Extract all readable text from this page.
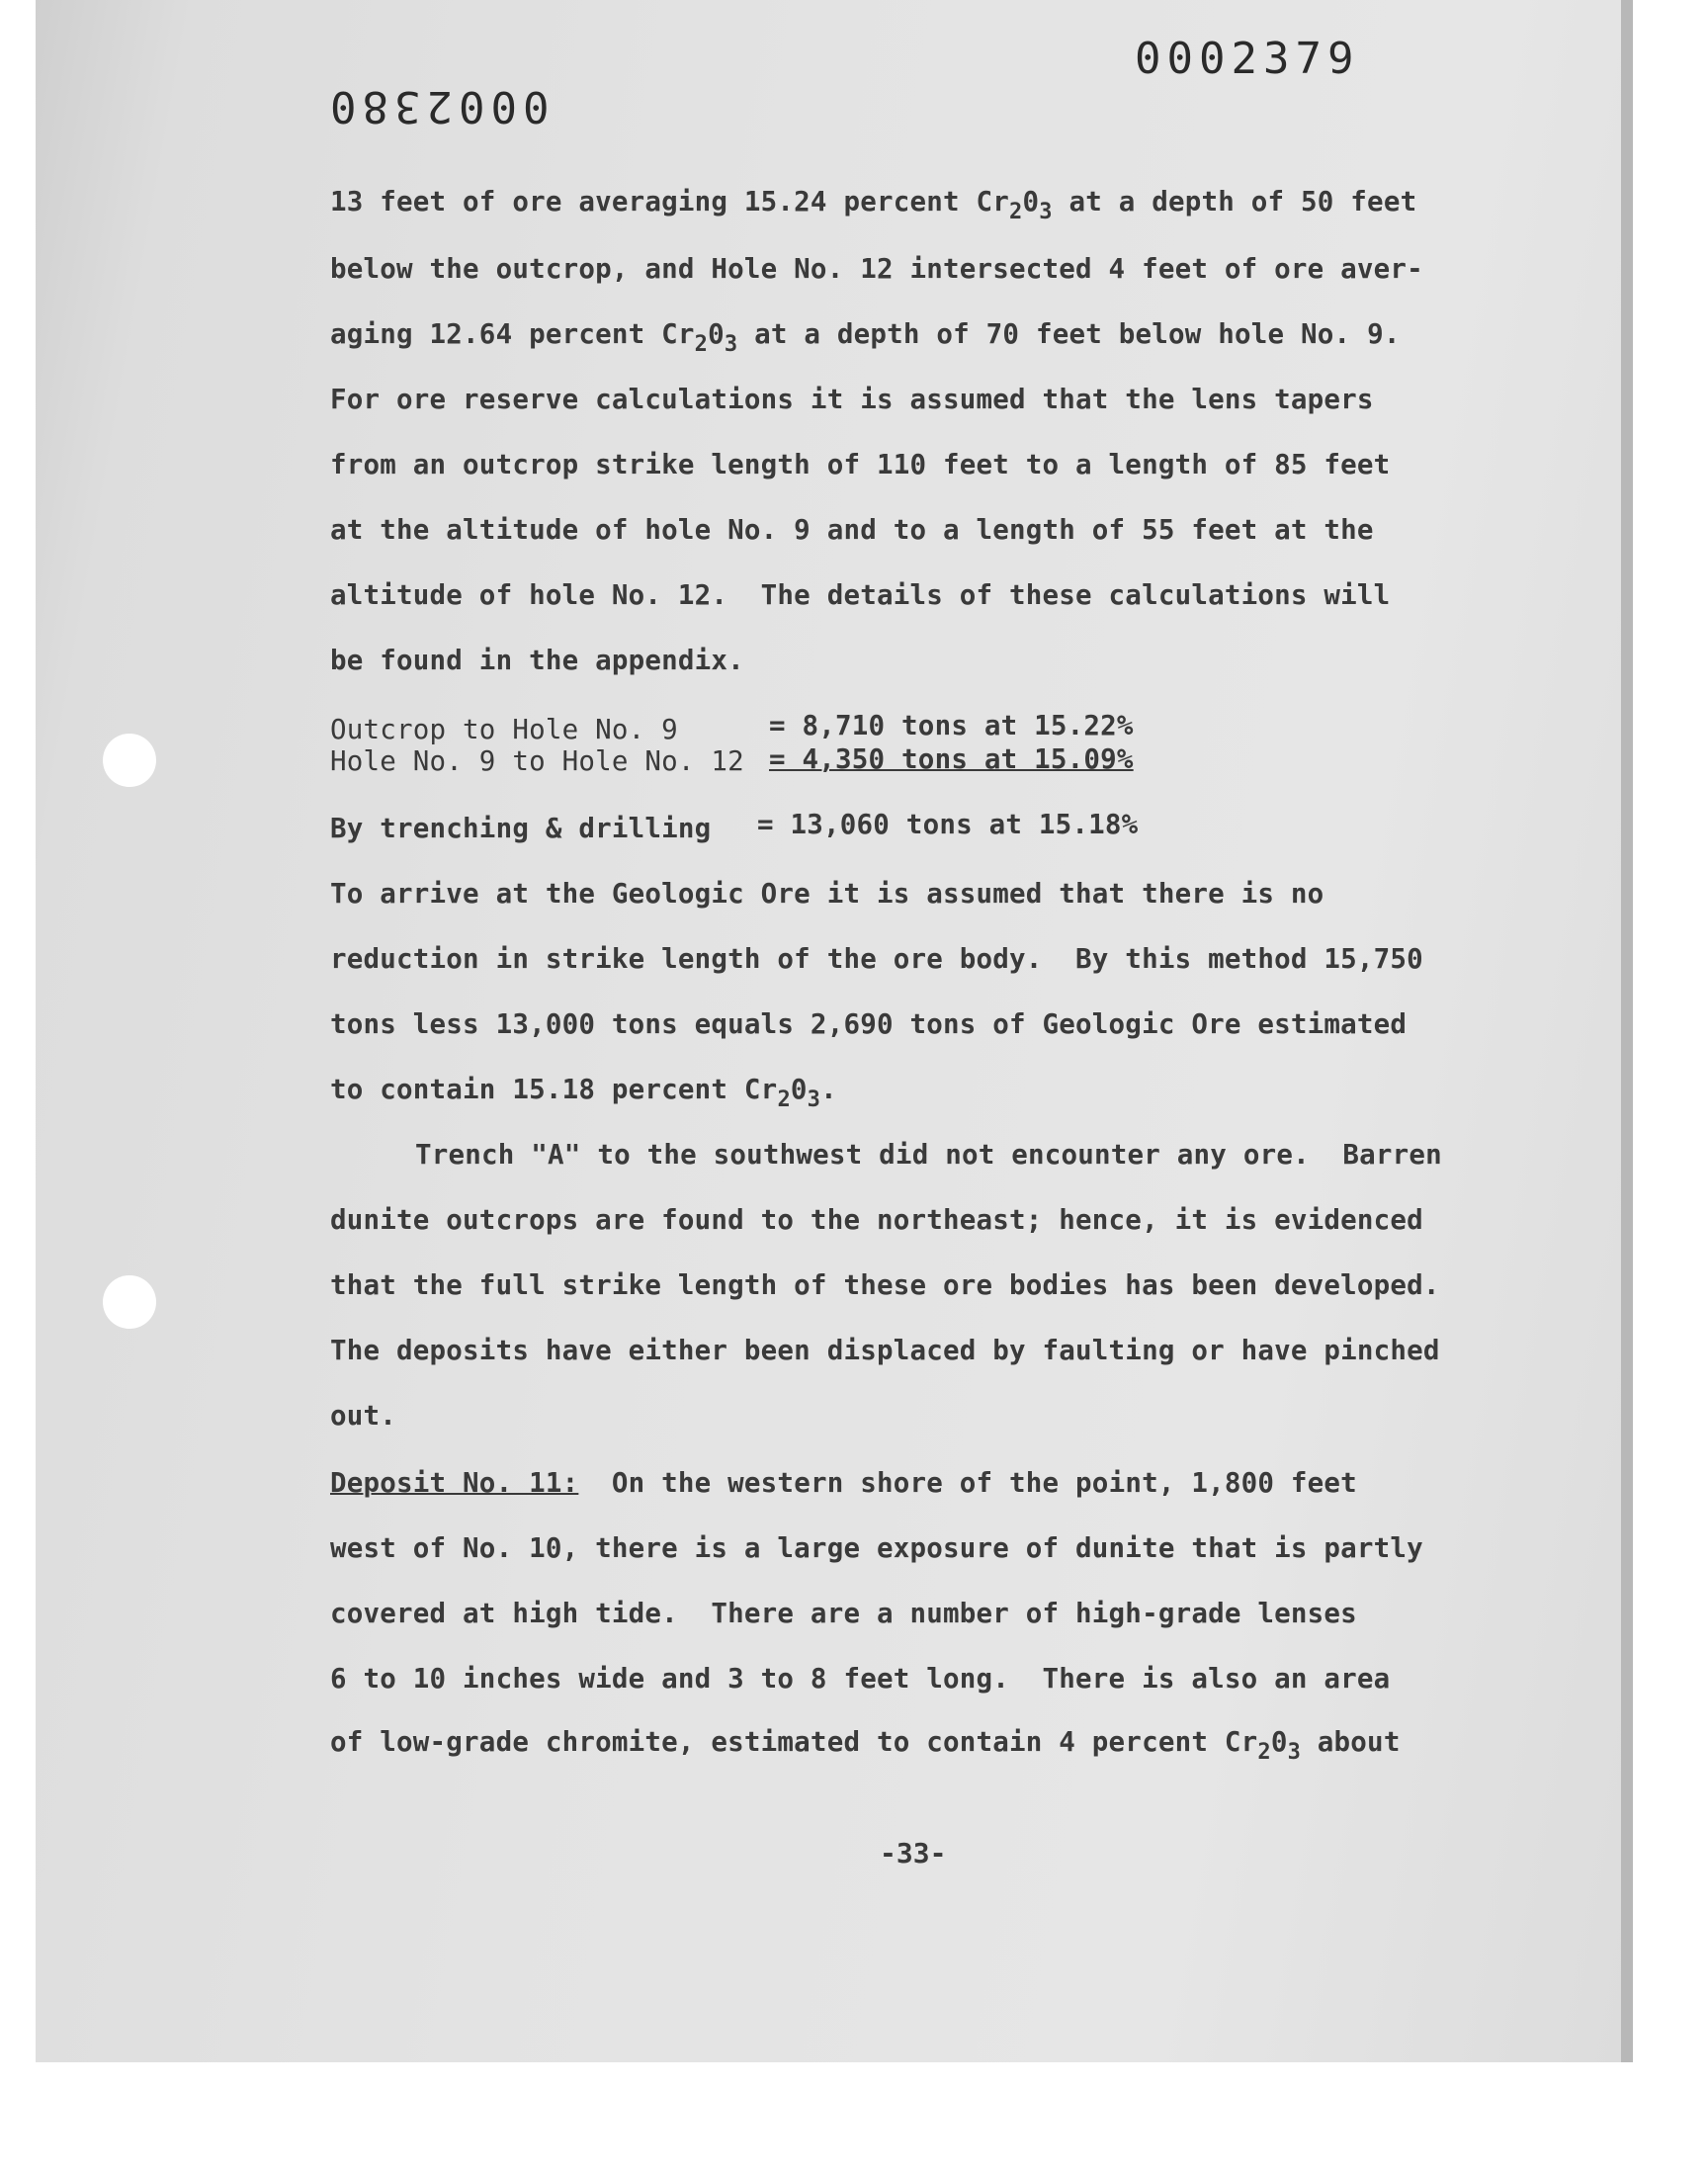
0002379
0002380
13 feet of ore averaging 15.24 percent $Cr_20_3$ at a depth of 50 feet
below the outcrop, and Hole No. 12 intersected 4 feet of ore aver-
aging 12.64 percent $Cr_20_3$ at a depth of 70 feet below hole No. 9.
For ore reserve calculations it is assumed that the lens tapers
from an outcrop strike length of 110 feet to a length of 85 feet
at the altitude of hole No. 9 and to a length of 55 feet at the
altitude of hole No. 12.  The details of these calculations will
be found in the appendix.
Outcrop to Hole No. 9	= 8,710 tons at 15.22%
Hole No. 9 to Hole No. 12 = 4,350 tons at 15.09%
By trenching & drilling = 13,060 tons at 15.18%
To arrive at the Geologic Ore it is assumed that there is no
reduction in strike length of the ore body.  By this method 15,750
tons less 13,000 tons equals 2,690 tons of Geologic Ore estimated
to contain 15.18 percent $Cr_20_3$.
Trench "A" to the southwest did not encounter any ore.  Barren
dunite outcrops are found to the northeast; hence, it is evidenced
that the full strike length of these ore bodies has been developed.
The deposits have either been displaced by faulting or have pinched
out.
Deposit No. 11:  On the western shore of the point, 1,800 feet
west of No. 10, there is a large exposure of dunite that is partly
covered at high tide.  There are a number of high-grade lenses
6 to 10 inches wide and 3 to 8 feet long.  There is also an area
of low-grade chromite, estimated to contain 4 percent $Cr_20_3$ about
-33-
